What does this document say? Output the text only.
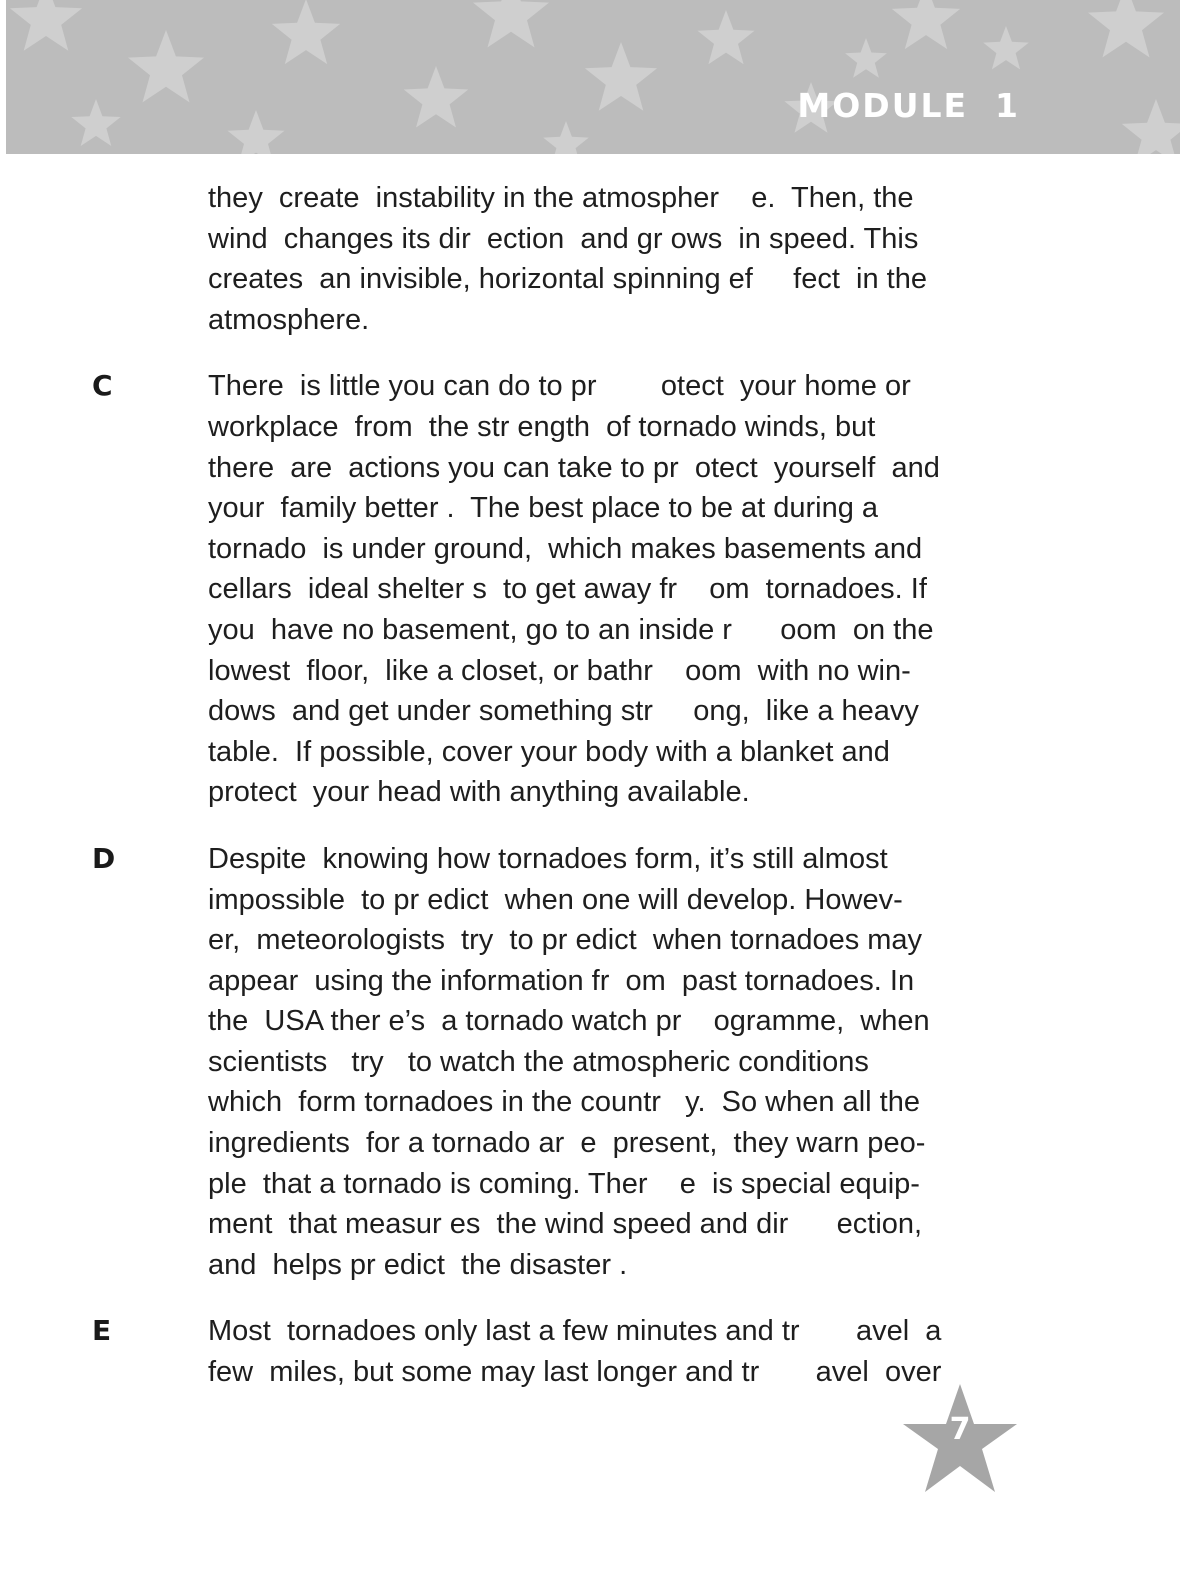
MODULE  1
they  create  instability in the atmospher    e.  Then, the
wind  changes its dir  ection  and gr ows  in speed. This
creates  an invisible, horizontal spinning ef     fect  in the
atmosphere.
C	There  is little you can do to pr        otect  your home or
workplace  from  the str ength  of tornado winds, but
there  are  actions you can take to pr  otect  yourself  and
your  family better .  The best place to be at during a
tornado  is under ground,  which makes basements and
cellars  ideal shelter s  to get away fr    om  tornadoes. If
you  have no basement, go to an inside r      oom  on the
lowest  floor,  like a closet, or bathr    oom  with no win-
dows  and get under something str     ong,  like a heavy
table.  If possible, cover your body with a blanket and
protect  your head with anything available.
D	Despite  knowing how tornadoes form, it’s still almost
impossible  to pr edict  when one will develop. Howev-
er,  meteorologists  try  to pr edict  when tornadoes may
appear  using the information fr  om  past tornadoes. In
the  USA ther e’s  a tornado watch pr    ogramme,  when
scientists   try   to watch the atmospheric conditions
which  form tornadoes in the countr   y.  So when all the
ingredients  for a tornado ar  e  present,  they warn peo-
ple  that a tornado is coming. Ther    e  is special equip-
ment  that measur es  the wind speed and dir      ection,
and  helps pr edict  the disaster .
E	Most  tornadoes only last a few minutes and tr       avel  a
few  miles, but some may last longer and tr       avel  over
7
